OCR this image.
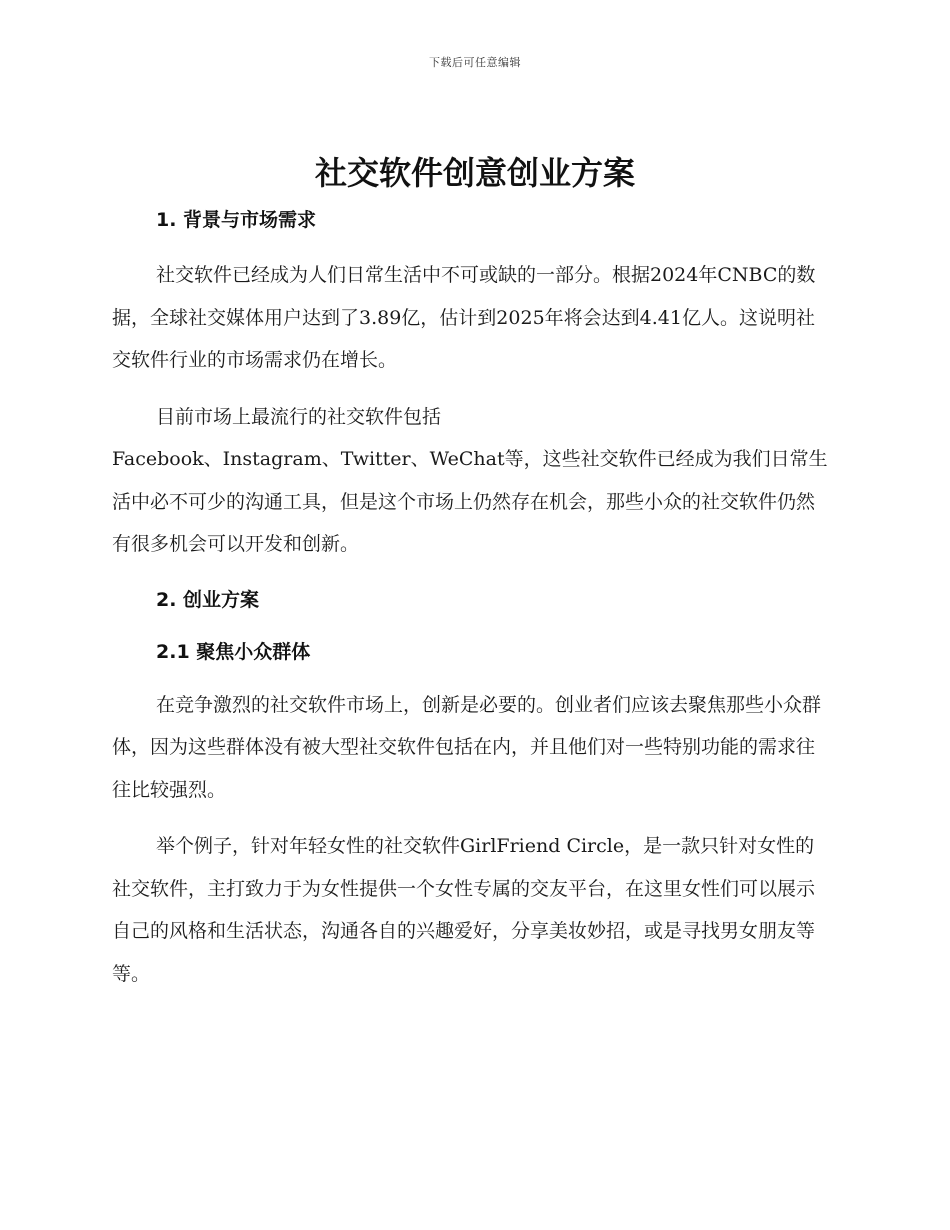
下载后可任意编辑
社交软件创意创业方案
1. 背景与市场需求

社交软件已经成为人们日常生活中不可或缺的一部分。根据2024年CNBC的数据，全球社交媒体用户达到了3.89亿，估计到2025年将会达到4.41亿人。这说明社交软件行业的市场需求仍在增长。

目前市场上最流行的社交软件包括

Facebook、Instagram、Twitter、WeChat等，这些社交软件已经成为我们日常生活中必不可少的沟通工具，但是这个市场上仍然存在机会，那些小众的社交软件仍然有很多机会可以开发和创新。

2. 创业方案
2.1 聚焦小众群体

在竞争激烈的社交软件市场上，创新是必要的。创业者们应该去聚焦那些小众群体，因为这些群体没有被大型社交软件包括在内，并且他们对一些特别功能的需求往往比较强烈。

举个例子，针对年轻女性的社交软件GirlFriend Circle，是一款只针对女性的社交软件，主打致力于为女性提供一个女性专属的交友平台，在这里女性们可以展示自己的风格和生活状态，沟通各自的兴趣爱好，分享美妆妙招，或是寻找男女朋友等等。
